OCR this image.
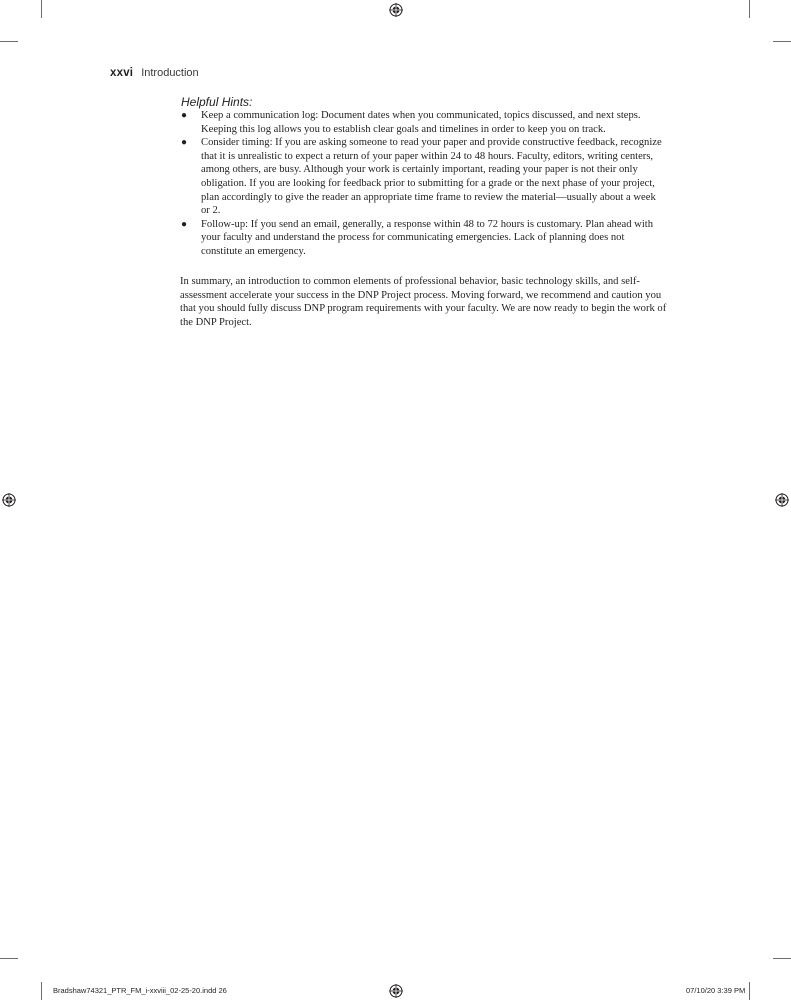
xxvi Introduction
Helpful Hints:
● Keep a communication log: Document dates when you communicated, topics discussed, and next steps. Keeping this log allows you to establish clear goals and timelines in order to keep you on track.
● Consider timing: If you are asking someone to read your paper and provide constructive feedback, recognize that it is unrealistic to expect a return of your paper within 24 to 48 hours. Faculty, editors, writing centers, among others, are busy. Although your work is certainly important, reading your paper is not their only obligation. If you are looking for feedback prior to submitting for a grade or the next phase of your project, plan accordingly to give the reader an appropriate time frame to review the material—usually about a week or 2.
● Follow-up: If you send an email, generally, a response within 48 to 72 hours is customary. Plan ahead with your faculty and understand the process for communicating emergencies. Lack of planning does not constitute an emergency.

In summary, an introduction to common elements of professional behavior, basic technology skills, and self-assessment accelerate your success in the DNP Project process. Moving forward, we recommend and caution you that you should fully discuss DNP program requirements with your faculty. We are now ready to begin the work of the DNP Project.

Bradshaw74321_PTR_FM_i-xxviii_02-25-20.indd 26	07/10/20 3:39 PM
